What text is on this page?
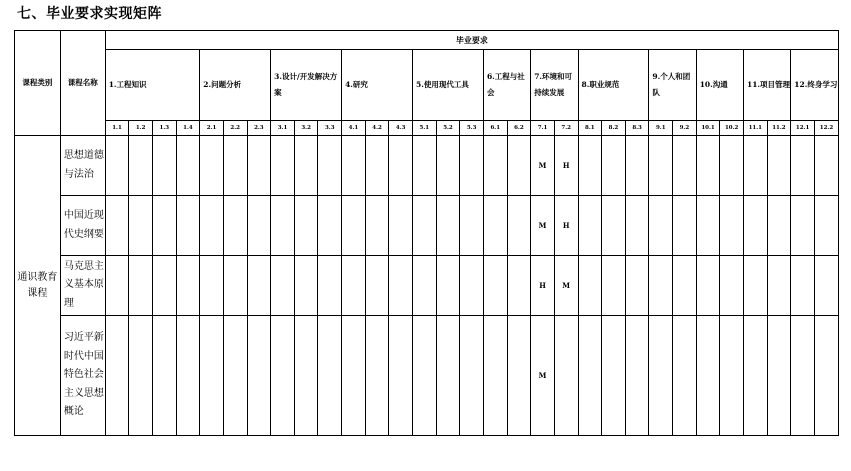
七、毕业要求实现矩阵
课程类别	课程名称	毕业要求																														
		1.工程知识				2.问题分析			3.设计/开发解决方案			4.研究			5.使用现代工具			6.工程与社会		7.环境和可持续发展		8.职业规范			9.个人和团队		10.沟通		11.项目管理		12.终身学习	
		1.1	1.2	1.3	1.4	2.1	2.2	2.3	3.1	3.2	3.3	4.1	4.2	4.3	5.1	5.2	5.3	6.1	6.2	7.1	7.2	8.1	8.2	8.3	9.1	9.2	10.1	10.2	11.1	11.2	12.1	12.2
通识教育课程	思想道德与法治																			M	H											
	中国近现代史纲要																			M	H											
	马克思主义基本原理																			H	M											
	习近平新时代中国特色社会主义思想概论																			M												
